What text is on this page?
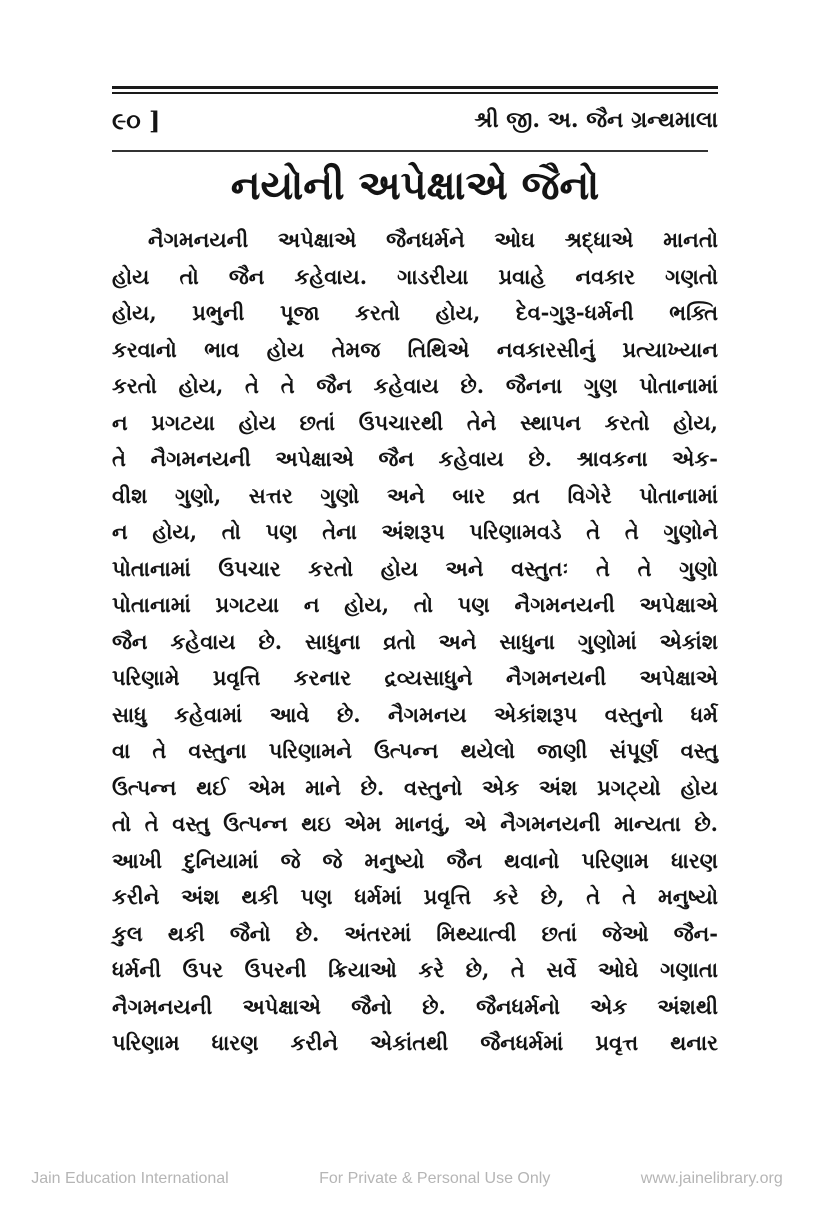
૯૦ ]	શ્રી જી. અ. જૈન ગ્રન્થમાલા
નયોની અપેક્ષાએ જૈનો
નૈગમનયની અપેક્ષાએ જૈનધર્મને ઓઘ શ્રદ્ધાએ માનતો
હોય તો જૈન કહેવાય. ગાડરીયા પ્રવાહે નવકાર ગણતો
હોય, પ્રભુની પૂજા કરતો હોય, દેવ-ગુરૂ-ધર્મની ભક્તિ
કરવાનો ભાવ હોય તેમજ તિથિએ નવકારસીનું પ્રત્યાખ્યાન
કરતો હોય, તે તે જૈન કહેવાય છે. જૈનના ગુણ પોતાનામાં
ન પ્રગટયા હોય છતાં ઉપચારથી તેને સ્થાપન કરતો હોય,
તે નૈગમનયની અપેક્ષાએ જૈન કહેવાય છે. શ્રાવકના એક-
વીશ ગુણો, સત્તર ગુણો અને બાર વ્રત વિગેરે પોતાનામાં
ન હોય, તો પણ તેના અંશરૂપ પરિણામવડે તે તે ગુણોને
પોતાનામાં ઉપચાર કરતો હોય અને વસ્તુતઃ તે તે ગુણો
પોતાનામાં પ્રગટયા ન હોય, તો પણ નૈગમનયની અપેક્ષાએ
જૈન કહેવાય છે. સાધુના વ્રતો અને સાધુના ગુણોમાં એકાંશ
પરિણામે પ્રવૃત્તિ કરનાર દ્રવ્યસાધુને નૈગમનયની અપેક્ષાએ
સાધુ કહેવામાં આવે છે. નૈગમનય એકાંશરૂપ વસ્તુનો ધર્મ
વા તે વસ્તુના પરિણામને ઉત્પન્ન થયેલો જાણી સંપૂર્ણ વસ્તુ
ઉત્પન્ન થઈ એમ માને છે. વસ્તુનો એક અંશ પ્રગટ્યો હોય
તો તે વસ્તુ ઉત્પન્ન થઇ એમ માનવું, એ નૈગમનયની માન્યતા છે.
આખી દુનિયામાં જે જે મનુષ્યો જૈન થવાનો પરિણામ ધારણ
કરીને અંશ થકી પણ ધર્મમાં પ્રવૃત્તિ કરે છે, તે તે મનુષ્યો
કુલ થકી જૈનો છે. અંતરમાં મિથ્યાત્વી છતાં જેઓ જૈન-
ધર્મની ઉપર ઉપરની ક્રિયાઓ કરે છે, તે સર્વે ઓઘે ગણાતા
નૈગમનયની અપેક્ષાએ જૈનો છે. જૈનધર્મનો એક અંશથી
પરિણામ ધારણ કરીને એકાંતથી જૈનધર્મમાં પ્રવૃત્ત થનાર
Jain Education International	For Private & Personal Use Only	www.jainelibrary.org
